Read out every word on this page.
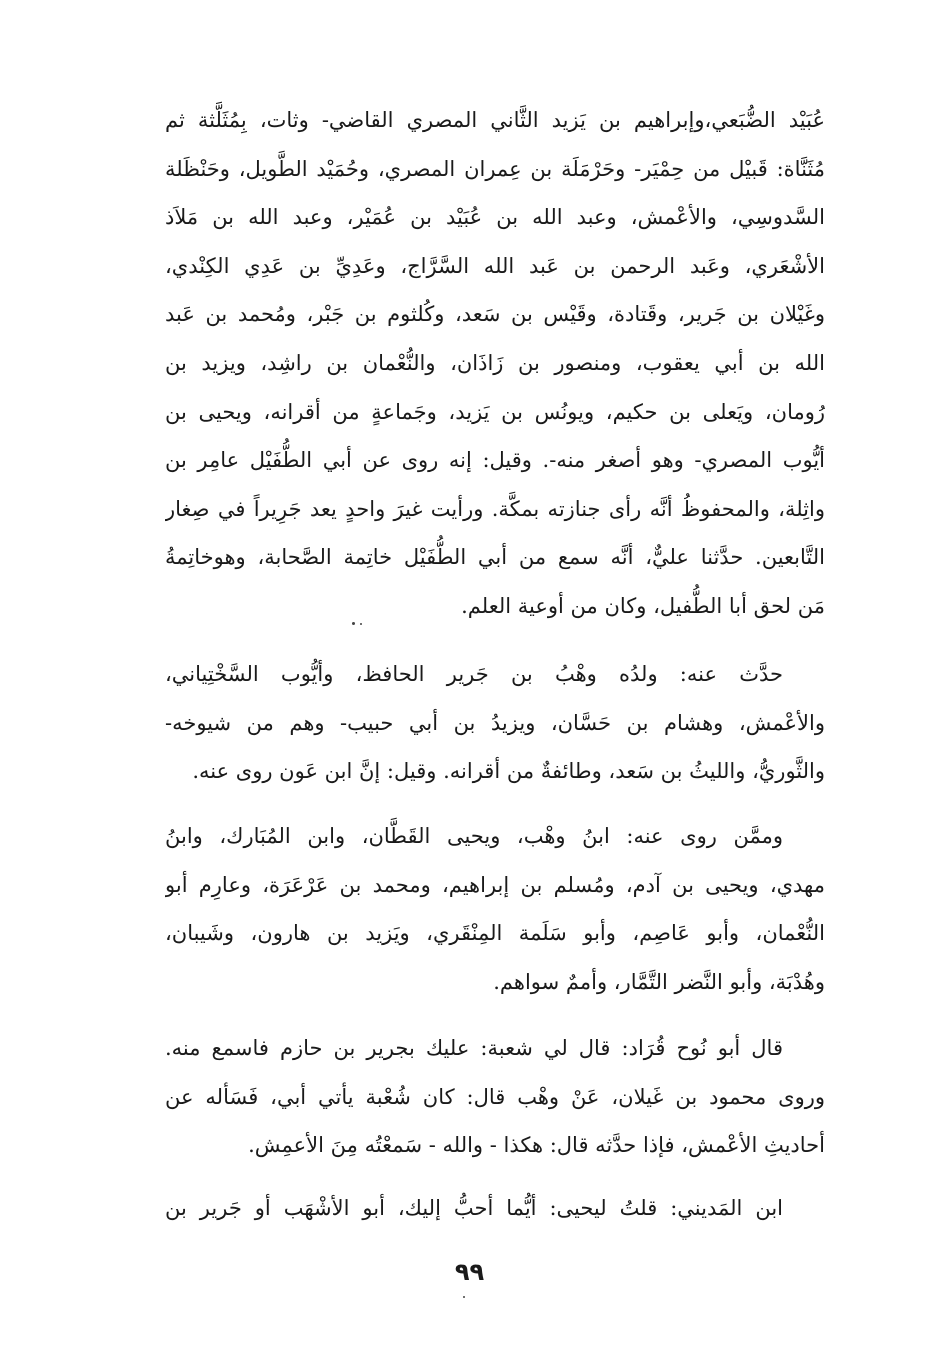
عُبَيْد الضُّبَعي،وإبراهيم بن يَزيد الثَّاني المصري القاضي- وثات، بِمُثَلَّثة ثم
مُثَنَّاة: قَبيْل من حِمْيَر- وحَرْمَلَة بن عِمران المصري، وحُمَيْد الطَّويل، وحَنْظَلة
السَّدوسِي، والأعْمش، وعبد الله بن عُبَيْد بن عُمَيْر، وعبد الله بن مَلاَذ
الأشْعَري، وعَبد الرحمن بن عَبد الله السَّرَّاج، وعَدِيِّ بن عَدِي الكِنْدي،
وغَيْلان بن جَرير، وقَتادة، وقَيْس بن سَعد، وكُلثوم بن جَبْر، ومُحمد بن عَبد
الله بن أبي يعقوب، ومنصور بن زَاذَان، والنُّعْمان بن راشِد، ويزيد بن
رُومان، ويَعلى بن حكيم، ويونُس بن يَزيد، وجَماعةٍ من أقرانه، ويحيى بن
أيُّوب المصري- وهو أصغر منه-. وقيل: إنه روى عن أبي الطُّفَيْل عامِر بن
واثِلة، والمحفوظُ أنَّه رأى جنازته بمكَّة. ورأيت غيرَ واحدٍ يعد جَرِيراً في صِغار
التَّابعين. حدَّثنا عليٌّ، أنَّه سمع من أبي الطُّفَيْل خاتِمة الصَّحابة، وهوخاتِمةُ
مَن لحق أبا الطُّفيل، وكان من أوعية العلم.
حدَّث عنه: ولدُه وهْبُ بن جَرير الحافظ، وأيُّوب السَّخْتِياني،
والأعْمش، وهشام بن حَسَّان، ويزيدُ بن أبي حبيب- وهم من شيوخه-
والثَّوريُّ، والليثُ بن سَعد، وطائفةٌ من أقرانه. وقيل: إنَّ ابن عَون روى عنه.
وممَّن روى عنه: ابنُ وهْب، ويحيى القَطَّان، وابن المُبَارك، وابنُ
مهدي، ويحيى بن آدم، ومُسلم بن إبراهيم، ومحمد بن عَرْعَرَة، وعارِم أبو
النُّعْمان، وأبو عَاصِم، وأبو سَلَمة المِنْقَري، ويَزيد بن هارون، وشَيبان،
وهُدْبَة، وأبو النَّضر التَّمَّار، وأممٌ سواهم.
قال أبو نُوح قُرَاد: قال لي شعبة: عليك بجرير بن حازم فاسمع منه.
وروى محمود بن غَيلان، عَنْ وهْب قال: كان شُعْبة يأتي أبي، فَسَأله عن
أحاديثِ الأعْمش، فإذا حدَّثه قال: هكذا - والله - سَمعْتُه مِنَ الأعمِش.
ابن المَديني: قلتُ ليحيى: أيُّما أحبُّ إليك، أبو الأشْهَب أو جَرير بن
٩٩
